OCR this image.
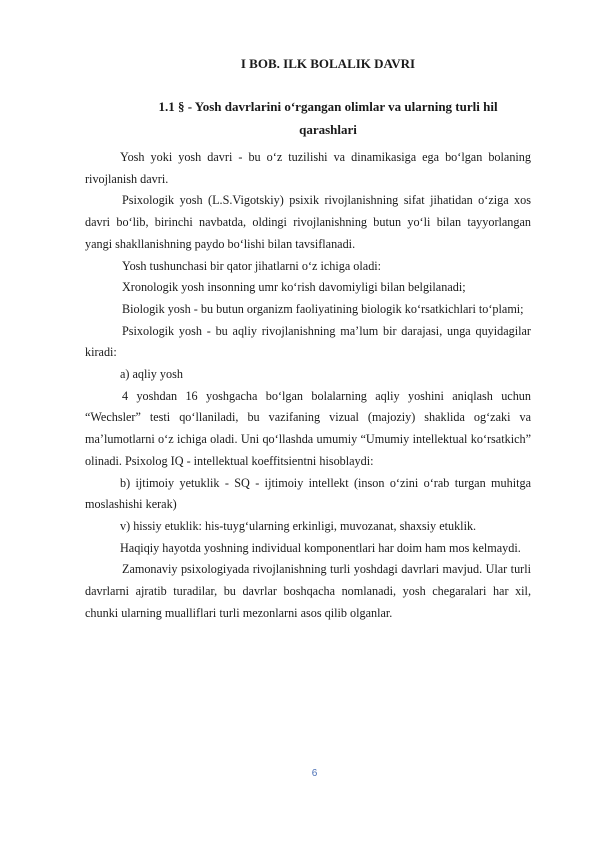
I BOB. ILK BOLALIK DAVRI
1.1 § - Yosh davrlarini o‘rgangan olimlar va ularning turli hil
qarashlari

Yosh yoki yosh davri - bu o‘z tuzilishi va dinamikasiga ega bo‘lgan bolaning rivojlanish davri.

Psixologik yosh (L.S.Vigotskiy) psixik rivojlanishning sifat jihatidan o‘ziga xos davri bo‘lib, birinchi navbatda, oldingi rivojlanishning butun yo‘li bilan tayyorlangan yangi shakllanishning paydo bo‘lishi bilan tavsiflanadi.

Yosh tushunchasi bir qator jihatlarni o‘z ichiga oladi:

Xronologik yosh insonning umr ko‘rish davomiyligi bilan belgilanadi;

Biologik yosh - bu butun organizm faoliyatining biologik ko‘rsatkichlari to‘plami;

Psixologik yosh - bu aqliy rivojlanishning ma’lum bir darajasi, unga quyidagilar kiradi:

a) aqliy yosh

4 yoshdan 16 yoshgacha bo‘lgan bolalarning aqliy yoshini aniqlash uchun “Wechsler” testi qo‘llaniladi, bu vazifaning vizual (majoziy) shaklida og‘zaki va ma’lumotlarni o‘z ichiga oladi. Uni qo‘llashda umumiy “Umumiy intellektual ko‘rsatkich” olinadi. Psixolog IQ - intellektual koeffitsientni hisoblaydi:

b) ijtimoiy yetuklik - SQ - ijtimoiy intellekt (inson o‘zini o‘rab turgan muhitga moslashishi kerak)

v) hissiy etuklik: his-tuyg‘ularning erkinligi, muvozanat, shaxsiy etuklik.

Haqiqiy hayotda yoshning individual komponentlari har doim ham mos kelmaydi.

Zamonaviy psixologiyada rivojlanishning turli yoshdagi davrlari mavjud. Ular turli davrlarni ajratib turadilar, bu davrlar boshqacha nomlanadi, yosh chegaralari har xil, chunki ularning mualliflari turli mezonlarni asos qilib olganlar.

6
